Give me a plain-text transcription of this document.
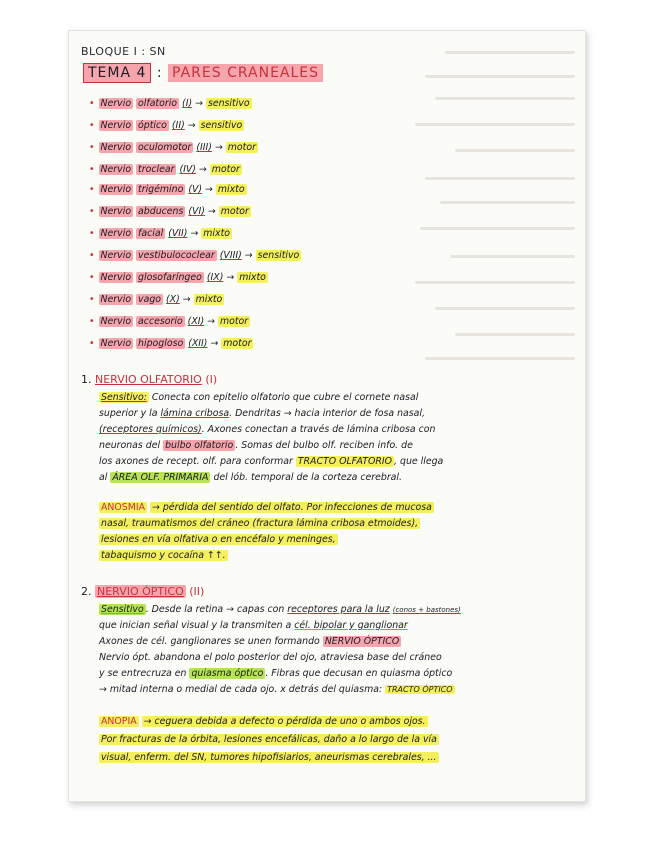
BLOQUE I : SN
TEMA 4 : PARES CRANEALES
• Nervio olfatorio (I) → sensitivo
• Nervio óptico (II) → sensitivo
• Nervio oculomotor (III) → motor
• Nervio troclear (IV) → motor
• Nervio trigémino (V) → mixto
• Nervio abducens (VI) → motor
• Nervio facial (VII) → mixto
• Nervio vestibulococlear (VIII) → sensitivo
• Nervio glosofaríngeo (IX) → mixto
• Nervio vago (X) → mixto
• Nervio accesorio (XI) → motor
• Nervio hipogloso (XII) → motor
1. NERVIO OLFATORIO (I)
Sensitivo: Conecta con epitelio olfatorio que cubre el cornete nasal
superior y la lámina cribosa. Dendritas → hacia interior de fosa nasal,
(receptores químicos). Axones conectan a través de lámina cribosa con
neuronas del bulbo olfatorio . Somas del bulbo olf. reciben info. de
los axones de recept. olf. para conformar TRACTO OLFATORIO , que llega
al ÁREA OLF. PRIMARIA del lób. temporal de la corteza cerebral.
ANOSMIA → pérdida del sentido del olfato. Por infecciones de mucosa
nasal, traumatismos del cráneo (fractura lámina cribosa etmoides),
lesiones en vía olfativa o en encéfalo y meninges,
tabaquismo y cocaína ↑↑.
2. NERVIO ÓPTICO (II)
Sensitivo . Desde la retina → capas con receptores para la luz (conos + bastones)
que inician señal visual y la transmiten a cél. bipolar y ganglionar
Axones de cél. ganglionares se unen formando NERVIO ÓPTICO
Nervio ópt. abandona el polo posterior del ojo, atraviesa base del cráneo
y se entrecruza en quiasma óptico . Fibras que decusan en quiasma óptico
→ mitad interna o medial de cada ojo. x detrás del quiasma: TRACTO ÓPTICO
ANOPIA → ceguera debida a defecto o pérdida de uno o ambos ojos.
Por fracturas de la órbita, lesiones encefálicas, daño a lo largo de la vía
visual, enferm. del SN, tumores hipofisiarios, aneurismas cerebrales, ...
